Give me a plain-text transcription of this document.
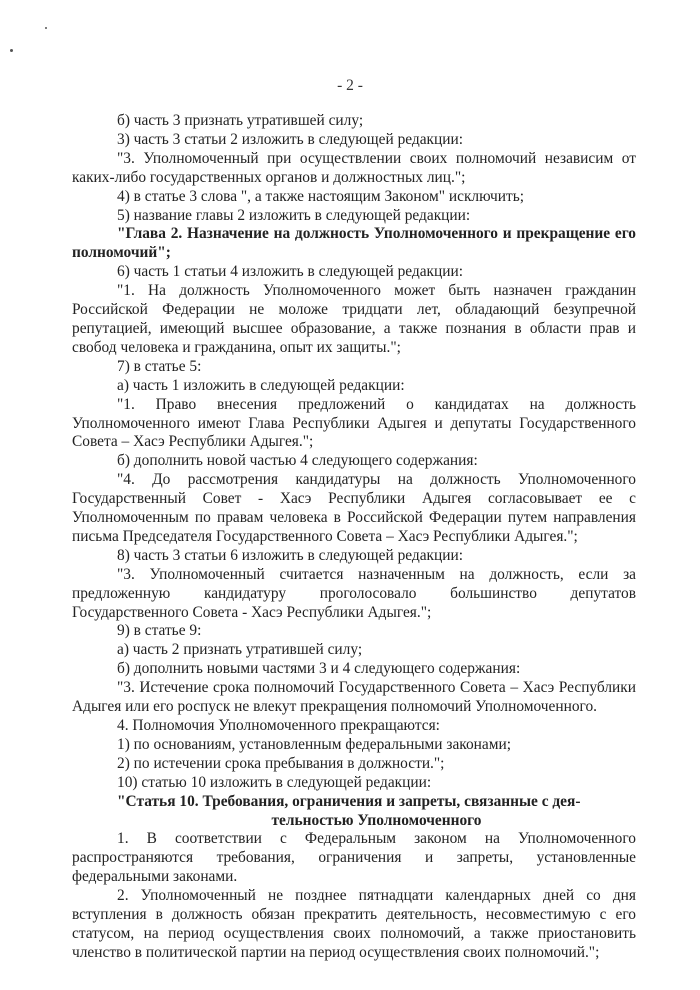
- 2 -

б) часть 3 признать утратившей силу;

3) часть 3 статьи 2 изложить в следующей редакции:

"3. Уполномоченный при осуществлении своих полномочий независим от каких-либо государственных органов и должностных лиц.";

4) в статье 3 слова ", а также настоящим Законом" исключить;

5) название главы 2 изложить в следующей редакции:

"Глава 2. Назначение на должность Уполномоченного и прекращение его полномочий";

6) часть 1 статьи 4 изложить в следующей редакции:

"1. На должность Уполномоченного может быть назначен гражданин Российской Федерации не моложе тридцати лет, обладающий безупречной репутацией, имеющий высшее образование, а также познания в области прав и свобод человека и гражданина, опыт их защиты.";

7) в статье 5:

а) часть 1 изложить в следующей редакции:

"1. Право внесения предложений о кандидатах на должность Уполномоченного имеют Глава Республики Адыгея и депутаты Государственного Совета – Хасэ Республики Адыгея.";

б) дополнить новой частью 4 следующего содержания:

"4. До рассмотрения кандидатуры на должность Уполномоченного Государственный Совет - Хасэ Республики Адыгея согласовывает ее с Уполномоченным по правам человека в Российской Федерации путем направления письма Председателя Государственного Совета – Хасэ Республики Адыгея.";

8) часть 3 статьи 6 изложить в следующей редакции:

"3. Уполномоченный считается назначенным на должность, если за предложенную кандидатуру проголосовало большинство депутатов Государственного Совета - Хасэ Республики Адыгея.";

9) в статье 9:

а) часть 2 признать утратившей силу;

б) дополнить новыми частями 3 и 4 следующего содержания:

"3. Истечение срока полномочий Государственного Совета – Хасэ Республики Адыгея или его роспуск не влекут прекращения полномочий Уполномоченного.

4. Полномочия Уполномоченного прекращаются:

1) по основаниям, установленным федеральными законами;

2) по истечении срока пребывания в должности.";

10) статью 10 изложить в следующей редакции:

"Статья 10. Требования, ограничения и запреты, связанные с дея-
тельностью Уполномоченного

1. В соответствии с Федеральным законом на Уполномоченного распространяются требования, ограничения и запреты, установленные федеральными законами.

2. Уполномоченный не позднее пятнадцати календарных дней со дня вступления в должность обязан прекратить деятельность, несовместимую с его статусом, на период осуществления своих полномочий, а также приостановить членство в политической партии на период осуществления своих полномочий.";
